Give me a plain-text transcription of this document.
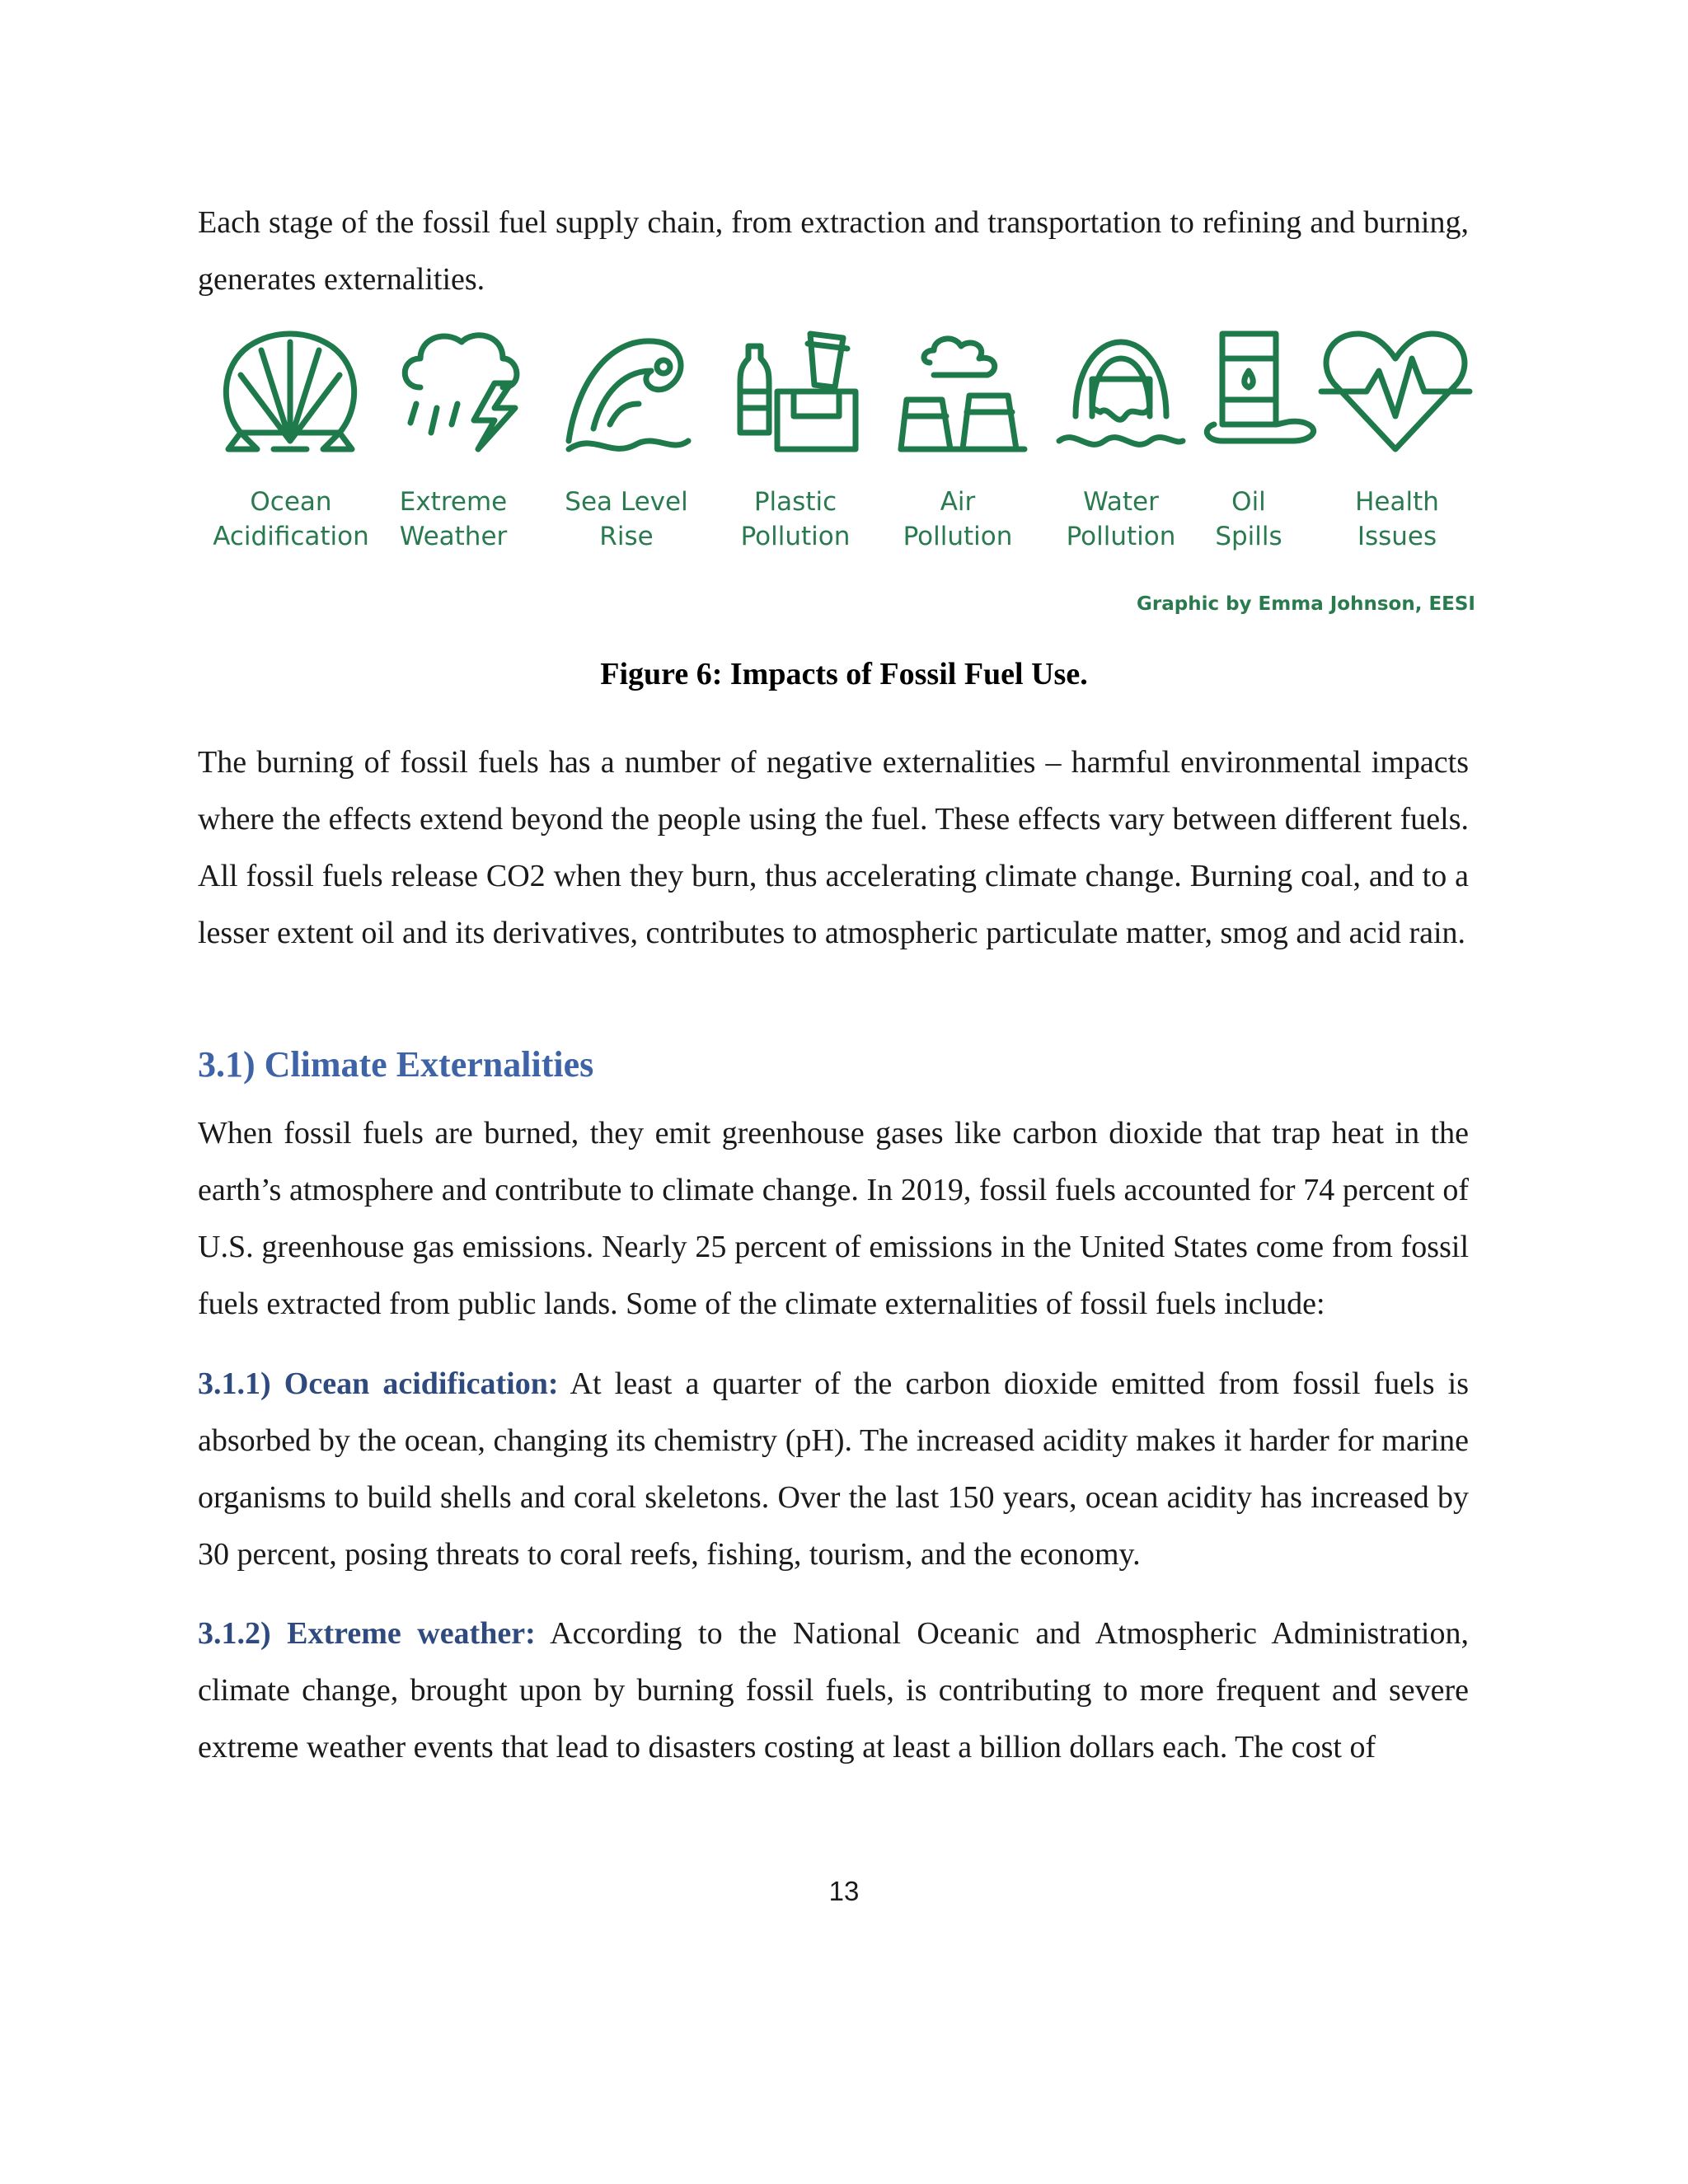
Each stage of the fossil fuel supply chain, from extraction and transportation to refining and burning, generates externalities.

Ocean
Acidification
Extreme
Weather
Sea Level
Rise
Plastic
Pollution
Air
Pollution
Water
Pollution
Oil
Spills
Health
Issues
Graphic by Emma Johnson, EESI
Figure 6: Impacts of Fossil Fuel Use.

The burning of fossil fuels has a number of negative externalities – harmful environmental impacts where the effects extend beyond the people using the fuel. These effects vary between different fuels. All fossil fuels release CO2 when they burn, thus accelerating climate change. Burning coal, and to a lesser extent oil and its derivatives, contributes to atmospheric particulate matter, smog and acid rain.

3.1) Climate Externalities

When fossil fuels are burned, they emit greenhouse gases like carbon dioxide that trap heat in the earth’s atmosphere and contribute to climate change. In 2019, fossil fuels accounted for 74 percent of U.S. greenhouse gas emissions. Nearly 25 percent of emissions in the United States come from fossil fuels extracted from public lands. Some of the climate externalities of fossil fuels include:

3.1.1) Ocean acidification: At least a quarter of the carbon dioxide emitted from fossil fuels is absorbed by the ocean, changing its chemistry (pH). The increased acidity makes it harder for marine organisms to build shells and coral skeletons. Over the last 150 years, ocean acidity has increased by 30 percent, posing threats to coral reefs, fishing, tourism, and the economy.

3.1.2) Extreme weather: According to the National Oceanic and Atmospheric Administration, climate change, brought upon by burning fossil fuels, is contributing to more frequent and severe extreme weather events that lead to disasters costing at least a billion dollars each. The cost of

13
